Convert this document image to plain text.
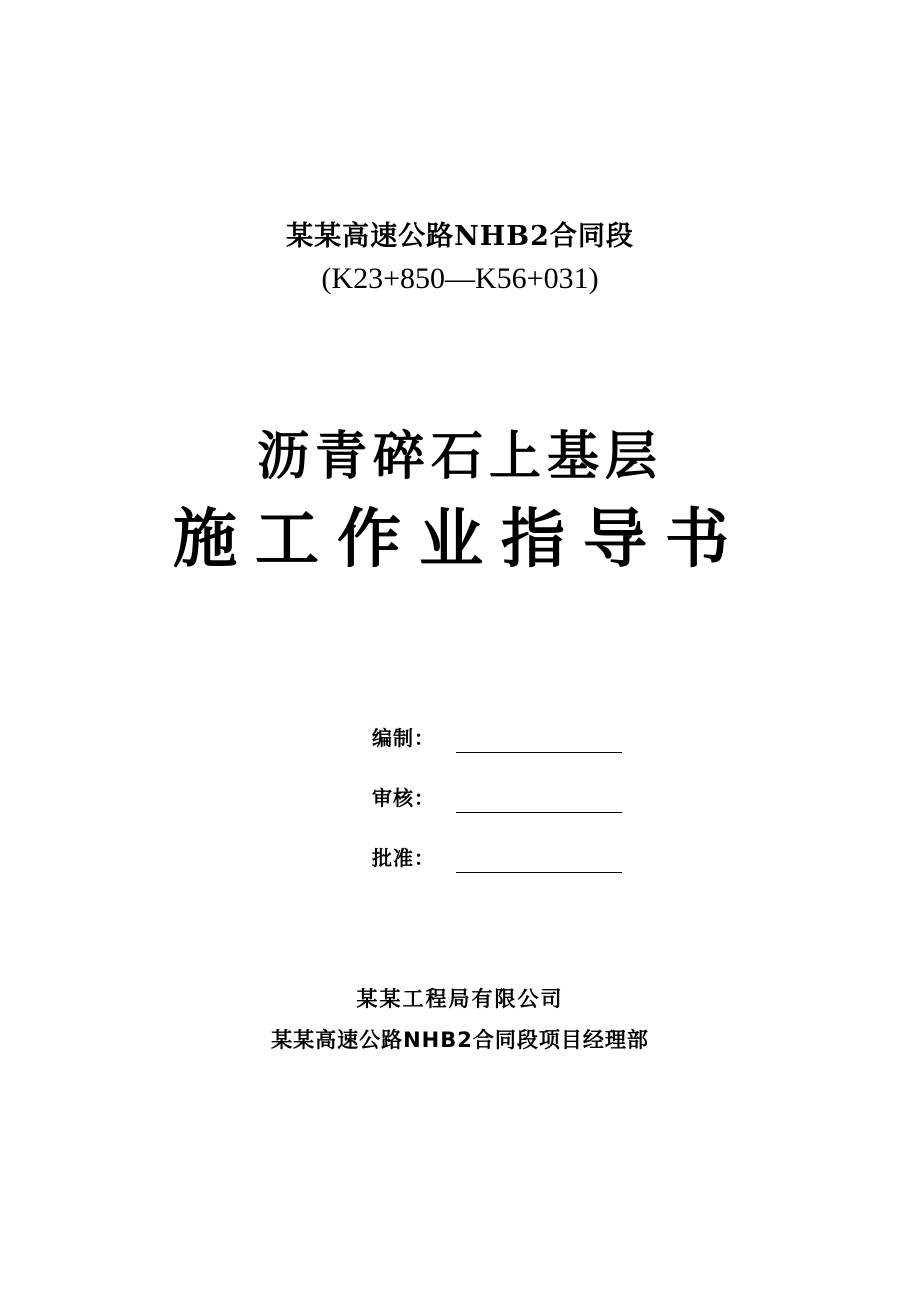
某某高速公路NHB2合同段
(K23+850—K56+031)
沥青碎石上基层
施工作业指导书
编制：
审核：
批准：
某某工程局有限公司
某某高速公路NHB2合同段项目经理部
